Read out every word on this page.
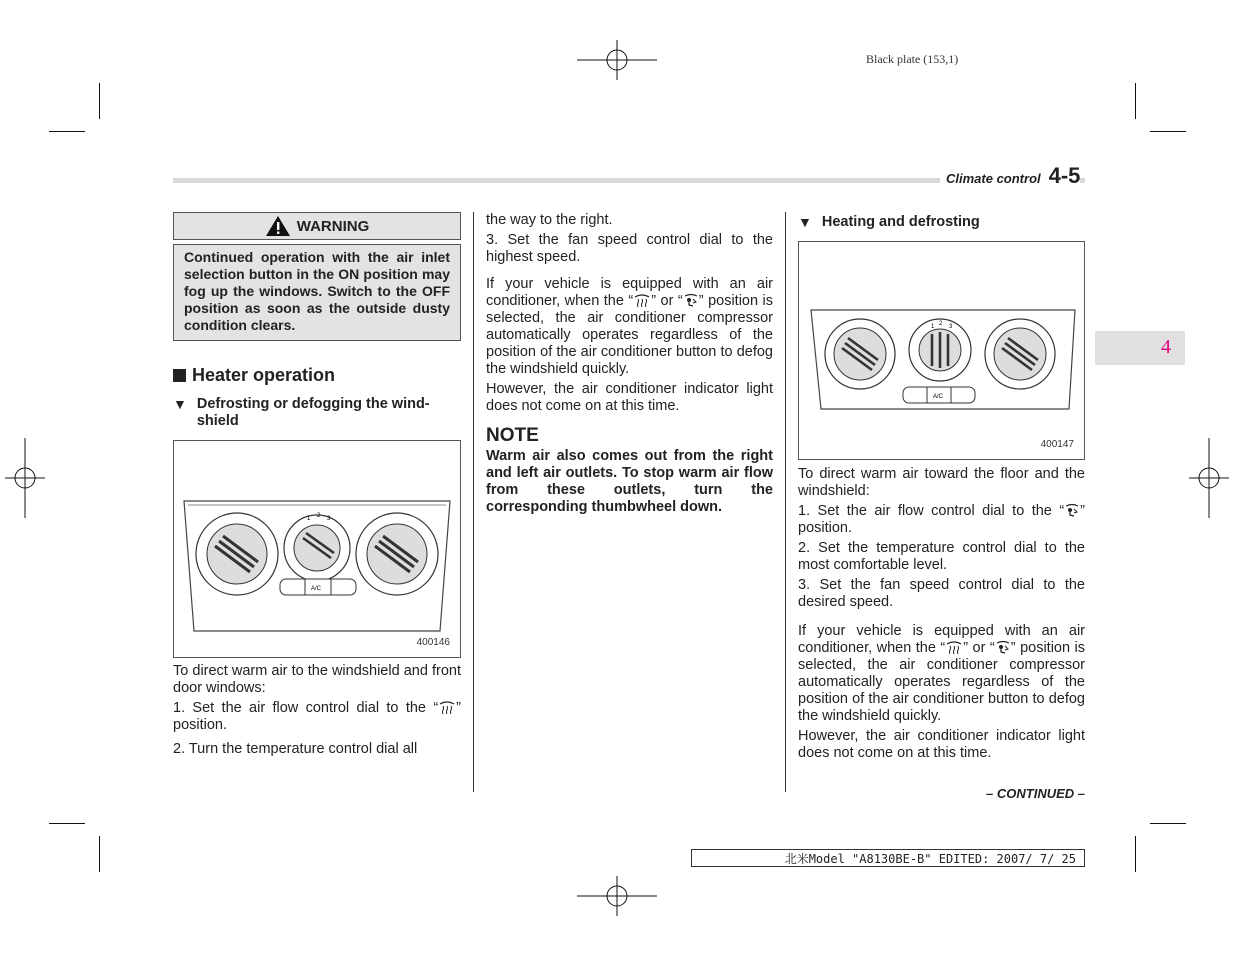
Black plate (153,1)
Climate control 4-5
4
WARNING
Continued operation with the air inlet selection button in the ON position may fog up the windows. Switch to the OFF position as soon as the outside dusty condition clears.
Heater operation
▼ Defrosting or defogging the wind-
shield
1 2 3
A/C
400146

To direct warm air to the windshield and front door windows:

1. Set the air flow control dial to the “ ” position.

2. Turn the temperature control dial all

the way to the right.

3. Set the fan speed control dial to the highest speed.

If your vehicle is equipped with an air conditioner, when the “ ” or “ ” position is selected, the air conditioner compressor automatically operates regardless of the position of the air conditioner button to defog the windshield quickly.

However, the air conditioner indicator light does not come on at this time.

NOTE

Warm air also comes out from the right and left air outlets. To stop warm air flow from these outlets, turn the corresponding thumbwheel down.

▼ Heating and defrosting
1 2 3
A/C
400147

To direct warm air toward the floor and the windshield:

1. Set the air flow control dial to the “ ” position.

2. Set the temperature control dial to the most comfortable level.

3. Set the fan speed control dial to the desired speed.

If your vehicle is equipped with an air conditioner, when the “ ” or “ ” position is selected, the air conditioner compressor automatically operates regardless of the position of the air conditioner button to defog the windshield quickly.

However, the air conditioner indicator light does not come on at this time.

– CONTINUED –
北米Model "A8130BE-B" EDITED: 2007/ 7/ 25
